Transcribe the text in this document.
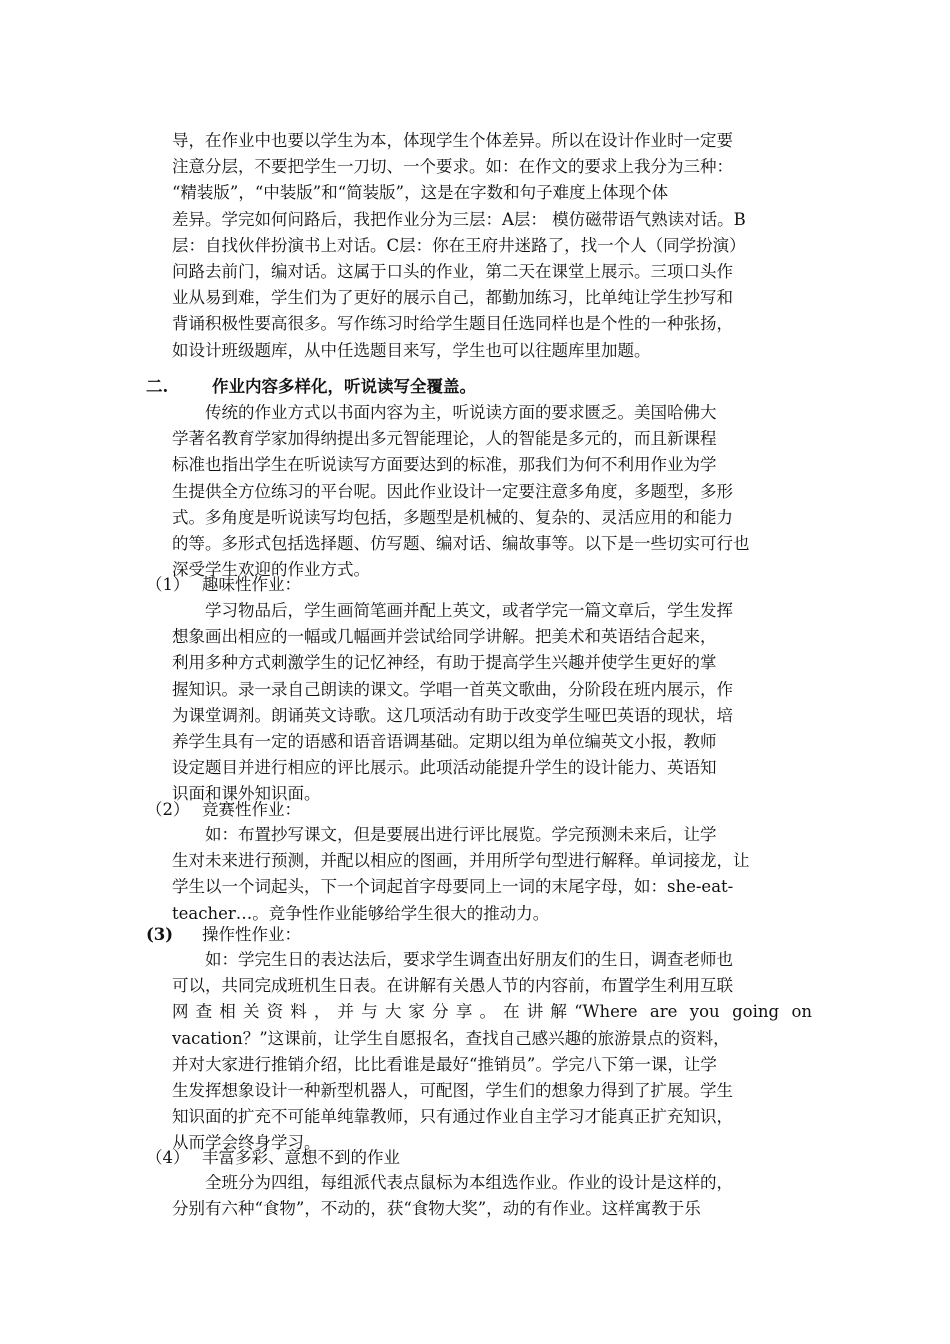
导，在作业中也要以学生为本，体现学生个体差异。所以在设计作业时一定要
注意分层，不要把学生一刀切、一个要求。如：在作文的要求上我分为三种：
“精装版”，“中装版”和“简装版”，这是在字数和句子难度上体现个体
差异。学完如何问路后，我把作业分为三层：A层： 模仿磁带语气熟读对话。B
层：自找伙伴扮演书上对话。C层：你在王府井迷路了，找一个人（同学扮演）
问路去前门，编对话。这属于口头的作业，第二天在课堂上展示。三项口头作
业从易到难，学生们为了更好的展示自己，都勤加练习，比单纯让学生抄写和
背诵积极性要高很多。写作练习时给学生题目任选同样也是个性的一种张扬，
如设计班级题库，从中任选题目来写，学生也可以往题库里加题。
二.	作业内容多样化，听说读写全覆盖。
传统的作业方式以书面内容为主，听说读方面的要求匮乏。美国哈佛大
学著名教育学家加得纳提出多元智能理论，人的智能是多元的，而且新课程
标准也指出学生在听说读写方面要达到的标准，那我们为何不利用作业为学
生提供全方位练习的平台呢。因此作业设计一定要注意多角度，多题型，多形
式。多角度是听说读写均包括，多题型是机械的、复杂的、灵活应用的和能力
的等。多形式包括选择题、仿写题、编对话、编故事等。以下是一些切实可行也
深受学生欢迎的作业方式。
（1） 趣味性作业：
学习物品后，学生画简笔画并配上英文，或者学完一篇文章后，学生发挥
想象画出相应的一幅或几幅画并尝试给同学讲解。把美术和英语结合起来，
利用多种方式刺激学生的记忆神经，有助于提高学生兴趣并使学生更好的掌
握知识。录一录自己朗读的课文。学唱一首英文歌曲，分阶段在班内展示，作
为课堂调剂。朗诵英文诗歌。这几项活动有助于改变学生哑巴英语的现状，培
养学生具有一定的语感和语音语调基础。定期以组为单位编英文小报，教师
设定题目并进行相应的评比展示。此项活动能提升学生的设计能力、英语知
识面和课外知识面。
（2） 竞赛性作业：
如：布置抄写课文，但是要展出进行评比展览。学完预测未来后，让学
生对未来进行预测，并配以相应的图画，并用所学句型进行解释。单词接龙，让
学生以一个词起头，下一个词起首字母要同上一词的末尾字母，如：she-eat-
teacher…。竞争性作业能够给学生很大的推动力。
(3) 操作性作业：
如：学完生日的表达法后，要求学生调查出好朋友们的生日，调查老师也
可以，共同完成班机生日表。在讲解有关愚人节的内容前，布置学生利用互联
网查相关资料，并与大家分享。在讲解“Where are you going on
vacation？”这课前，让学生自愿报名，查找自己感兴趣的旅游景点的资料，
并对大家进行推销介绍，比比看谁是最好“推销员”。学完八下第一课，让学
生发挥想象设计一种新型机器人，可配图，学生们的想象力得到了扩展。学生
知识面的扩充不可能单纯靠教师，只有通过作业自主学习才能真正扩充知识，
从而学会终身学习。
（4） 丰富多彩、意想不到的作业
全班分为四组，每组派代表点鼠标为本组选作业。作业的设计是这样的，
分别有六种“食物”，不动的，获“食物大奖”，动的有作业。这样寓教于乐
